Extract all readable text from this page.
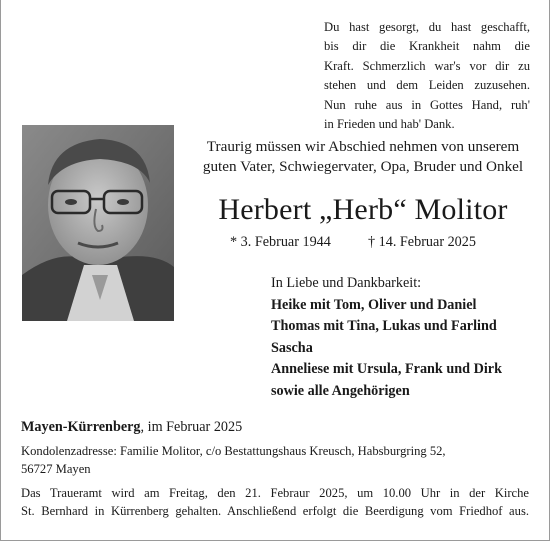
Du hast gesorgt, du hast geschafft,
bis dir die Krankheit nahm die
Kraft. Schmerzlich war's vor dir zu
stehen und dem Leiden zuzusehen.
Nun ruhe aus in Gottes Hand, ruh'
in Frieden und hab' Dank.
Traurig müssen wir Abschied nehmen von unserem
guten Vater, Schwiegervater, Opa, Bruder und Onkel
Herbert „Herb“ Molitor
* 3. Februar 1944	† 14. Februar 2025
In Liebe und Dankbarkeit:
Heike mit Tom, Oliver und Daniel
Thomas mit Tina, Lukas und Farlind
Sascha
Anneliese mit Ursula, Frank und Dirk
sowie alle Angehörigen
Mayen-Kürrenberg, im Februar 2025
Kondolenzadresse: Familie Molitor, c/o Bestattungshaus Kreusch, Habsburgring 52,
56727 Mayen
Das Traueramt wird am Freitag, den 21. Febraur 2025, um 10.00 Uhr in der Kirche
St. Bernhard in Kürrenberg gehalten. Anschließend erfolgt die Beerdigung vom Friedhof aus.
